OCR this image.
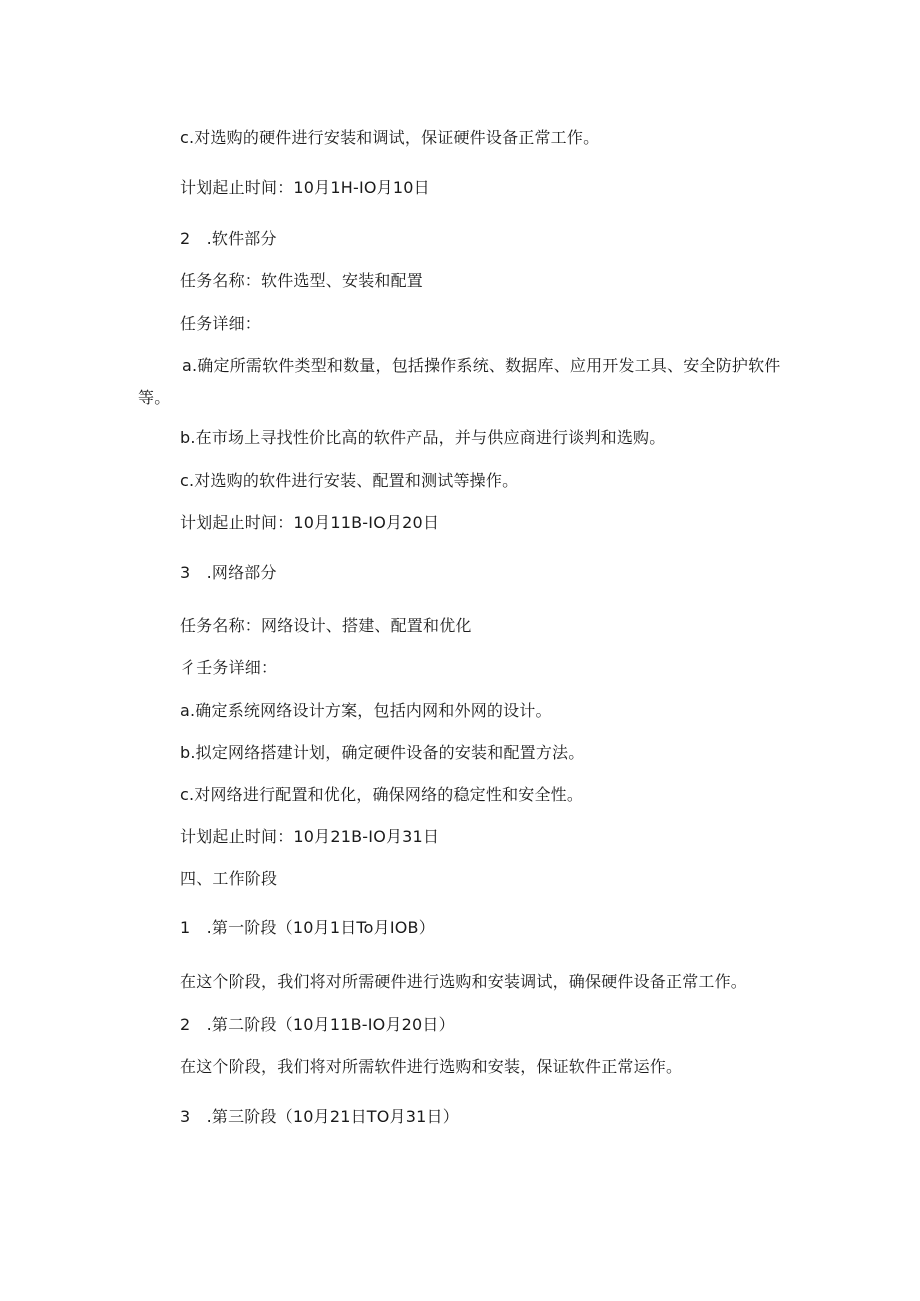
c.对选购的硬件进行安装和调试，保证硬件设备正常工作。
计划起止时间：10月1H-IO月10日
2　.软件部分
任务名称：软件选型、安装和配置
任务详细：
a.确定所需软件类型和数量，包括操作系统、数据库、应用开发工具、安全防护软件等。
b.在市场上寻找性价比高的软件产品，并与供应商进行谈判和选购。
c.对选购的软件进行安装、配置和测试等操作。
计划起止时间：10月11B-IO月20日
3　.网络部分
任务名称：网络设计、搭建、配置和优化
彳壬务详细：
a.确定系统网络设计方案，包括内网和外网的设计。
b.拟定网络搭建计划，确定硬件设备的安装和配置方法。
c.对网络进行配置和优化，确保网络的稳定性和安全性。
计划起止时间：10月21B-IO月31日
四、工作阶段
1　.第一阶段（10月1日To月IOB）
在这个阶段，我们将对所需硬件进行选购和安装调试，确保硬件设备正常工作。
2　.第二阶段（10月11B-IO月20日）
在这个阶段，我们将对所需软件进行选购和安装，保证软件正常运作。
3　.第三阶段（10月21日TO月31日）
